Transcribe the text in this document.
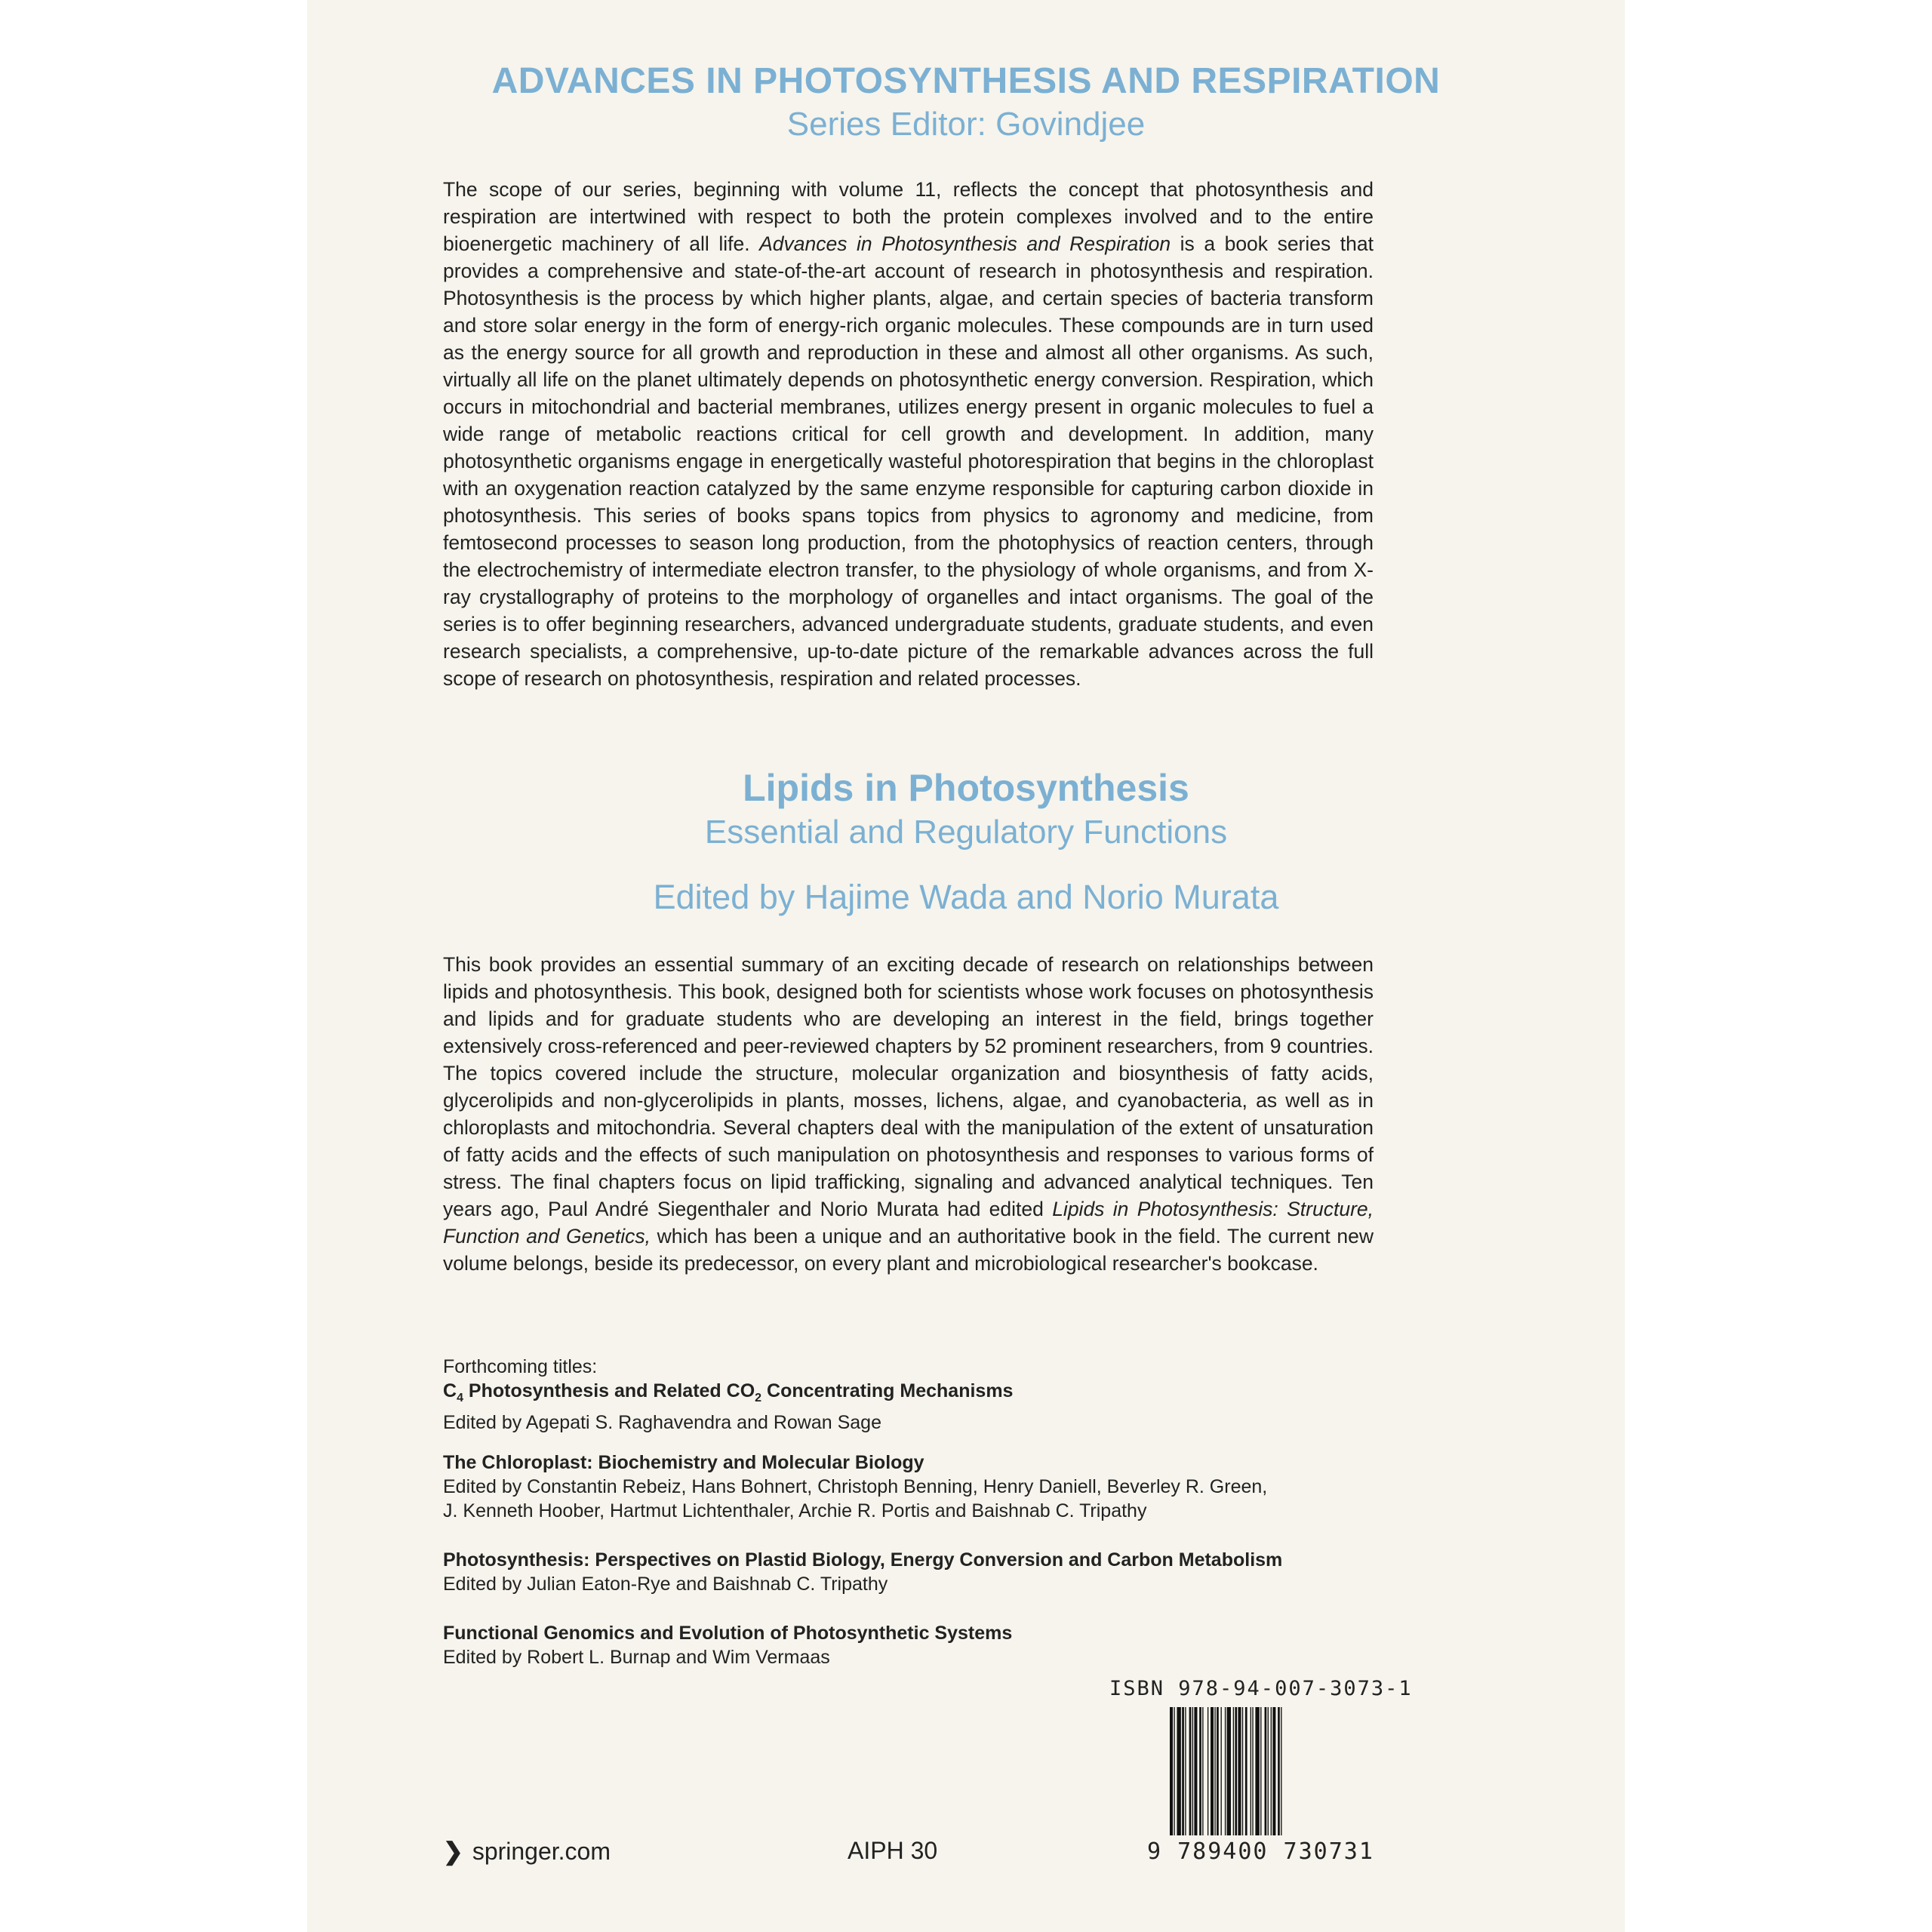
ADVANCES IN PHOTOSYNTHESIS AND RESPIRATION
Series Editor: Govindjee
The scope of our series, beginning with volume 11, reflects the concept that photosynthesis and respiration are intertwined with respect to both the protein complexes involved and to the entire bioenergetic machinery of all life. Advances in Photosynthesis and Respiration is a book series that provides a comprehensive and state-of-the-art account of research in photosynthesis and respiration. Photosynthesis is the process by which higher plants, algae, and certain species of bacteria transform and store solar energy in the form of energy-rich organic molecules. These compounds are in turn used as the energy source for all growth and reproduction in these and almost all other organisms. As such, virtually all life on the planet ultimately depends on photosynthetic energy conversion. Respiration, which occurs in mitochondrial and bacterial membranes, utilizes energy present in organic molecules to fuel a wide range of metabolic reactions critical for cell growth and development. In addition, many photosynthetic organisms engage in energetically wasteful photorespiration that begins in the chloroplast with an oxygenation reaction catalyzed by the same enzyme responsible for capturing carbon dioxide in photosynthesis. This series of books spans topics from physics to agronomy and medicine, from femtosecond processes to season long production, from the photophysics of reaction centers, through the electrochemistry of intermediate electron transfer, to the physiology of whole organisms, and from X-ray crystallography of proteins to the morphology of organelles and intact organisms. The goal of the series is to offer beginning researchers, advanced undergraduate students, graduate students, and even research specialists, a comprehensive, up-to-date picture of the remarkable advances across the full scope of research on photosynthesis, respiration and related processes.
Lipids in Photosynthesis
Essential and Regulatory Functions
Edited by Hajime Wada and Norio Murata
This book provides an essential summary of an exciting decade of research on relationships between lipids and photosynthesis. This book, designed both for scientists whose work focuses on photosynthesis and lipids and for graduate students who are developing an interest in the field, brings together extensively cross-referenced and peer-reviewed chapters by 52 prominent researchers, from 9 countries. The topics covered include the structure, molecular organization and biosynthesis of fatty acids, glycerolipids and non-glycerolipids in plants, mosses, lichens, algae, and cyanobacteria, as well as in chloroplasts and mitochondria. Several chapters deal with the manipulation of the extent of unsaturation of fatty acids and the effects of such manipulation on photosynthesis and responses to various forms of stress. The final chapters focus on lipid trafficking, signaling and advanced analytical techniques. Ten years ago, Paul André Siegenthaler and Norio Murata had edited Lipids in Photosynthesis: Structure, Function and Genetics, which has been a unique and an authoritative book in the field. The current new volume belongs, beside its predecessor, on every plant and microbiological researcher's bookcase.
Forthcoming titles:
$C_4$ Photosynthesis and Related $CO_2$ Concentrating Mechanisms
Edited by Agepati S. Raghavendra and Rowan Sage
The Chloroplast: Biochemistry and Molecular Biology
Edited by Constantin Rebeiz, Hans Bohnert, Christoph Benning, Henry Daniell, Beverley R. Green,
J. Kenneth Hoober, Hartmut Lichtenthaler, Archie R. Portis and Baishnab C. Tripathy
Photosynthesis: Perspectives on Plastid Biology, Energy Conversion and Carbon Metabolism
Edited by Julian Eaton-Rye and Baishnab C. Tripathy
Functional Genomics and Evolution of Photosynthetic Systems
Edited by Robert L. Burnap and Wim Vermaas
ISBN 978-94-007-3073-1
9 789400 730731
❯ springer.com	AIPH 30
